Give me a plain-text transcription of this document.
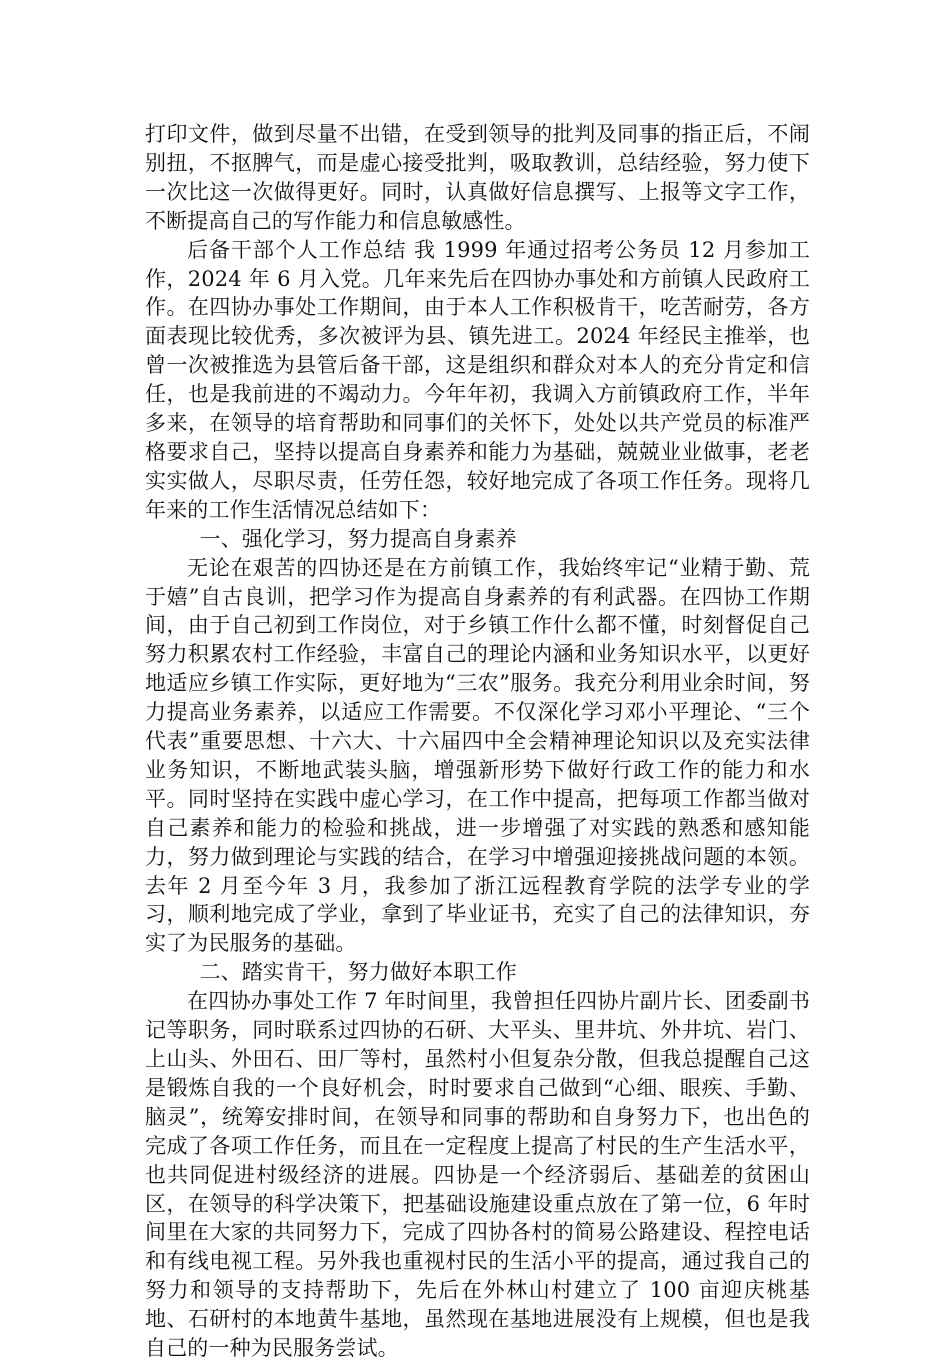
打印文件，做到尽量不出错，在受到领导的批判及同事的指正后，不闹别扭，不抠脾气，而是虚心接受批判，吸取教训，总结经验，努力使下一次比这一次做得更好。同时，认真做好信息撰写、上报等文字工作，不断提高自己的写作能力和信息敏感性。

后备干部个人工作总结 我 1999 年通过招考公务员 12 月参加工作，2024 年 6 月入党。几年来先后在四协办事处和方前镇人民政府工作。在四协办事处工作期间，由于本人工作积极肯干，吃苦耐劳，各方面表现比较优秀，多次被评为县、镇先进工。2024 年经民主推举，也曾一次被推选为县管后备干部，这是组织和群众对本人的充分肯定和信任，也是我前进的不竭动力。今年年初，我调入方前镇政府工作，半年多来，在领导的培育帮助和同事们的关怀下，处处以共产党员的标准严格要求自己，坚持以提高自身素养和能力为基础，兢兢业业做事，老老实实做人，尽职尽责，任劳任怨，较好地完成了各项工作任务。现将几年来的工作生活情况总结如下：

一、强化学习，努力提高自身素养

无论在艰苦的四协还是在方前镇工作，我始终牢记“业精于勤、荒于嬉”自古良训，把学习作为提高自身素养的有利武器。在四协工作期间，由于自己初到工作岗位，对于乡镇工作什么都不懂，时刻督促自己努力积累农村工作经验，丰富自己的理论内涵和业务知识水平，以更好地适应乡镇工作实际，更好地为“三农”服务。我充分利用业余时间，努力提高业务素养，以适应工作需要。不仅深化学习邓小平理论、“三个代表”重要思想、十六大、十六届四中全会精神理论知识以及充实法律业务知识，不断地武装头脑，增强新形势下做好行政工作的能力和水平。同时坚持在实践中虚心学习，在工作中提高，把每项工作都当做对自己素养和能力的检验和挑战，进一步增强了对实践的熟悉和感知能力，努力做到理论与实践的结合，在学习中增强迎接挑战问题的本领。去年 2 月至今年 3 月，我参加了浙江远程教育学院的法学专业的学习，顺利地完成了学业，拿到了毕业证书，充实了自己的法律知识，夯实了为民服务的基础。

二、踏实肯干，努力做好本职工作

在四协办事处工作 7 年时间里，我曾担任四协片副片长、团委副书记等职务，同时联系过四协的石研、大平头、里井坑、外井坑、岩门、上山头、外田石、田厂等村，虽然村小但复杂分散，但我总提醒自己这是锻炼自我的一个良好机会，时时要求自己做到“心细、眼疾、手勤、脑灵”，统筹安排时间，在领导和同事的帮助和自身努力下，也出色的完成了各项工作任务，而且在一定程度上提高了村民的生产生活水平，也共同促进村级经济的进展。四协是一个经济弱后、基础差的贫困山区，在领导的科学决策下，把基础设施建设重点放在了第一位，6 年时间里在大家的共同努力下，完成了四协各村的简易公路建设、程控电话和有线电视工程。另外我也重视村民的生活小平的提高，通过我自己的努力和领导的支持帮助下，先后在外林山村建立了 100 亩迎庆桃基地、石研村的本地黄牛基地，虽然现在基地进展没有上规模，但也是我自己的一种为民服务尝试。
